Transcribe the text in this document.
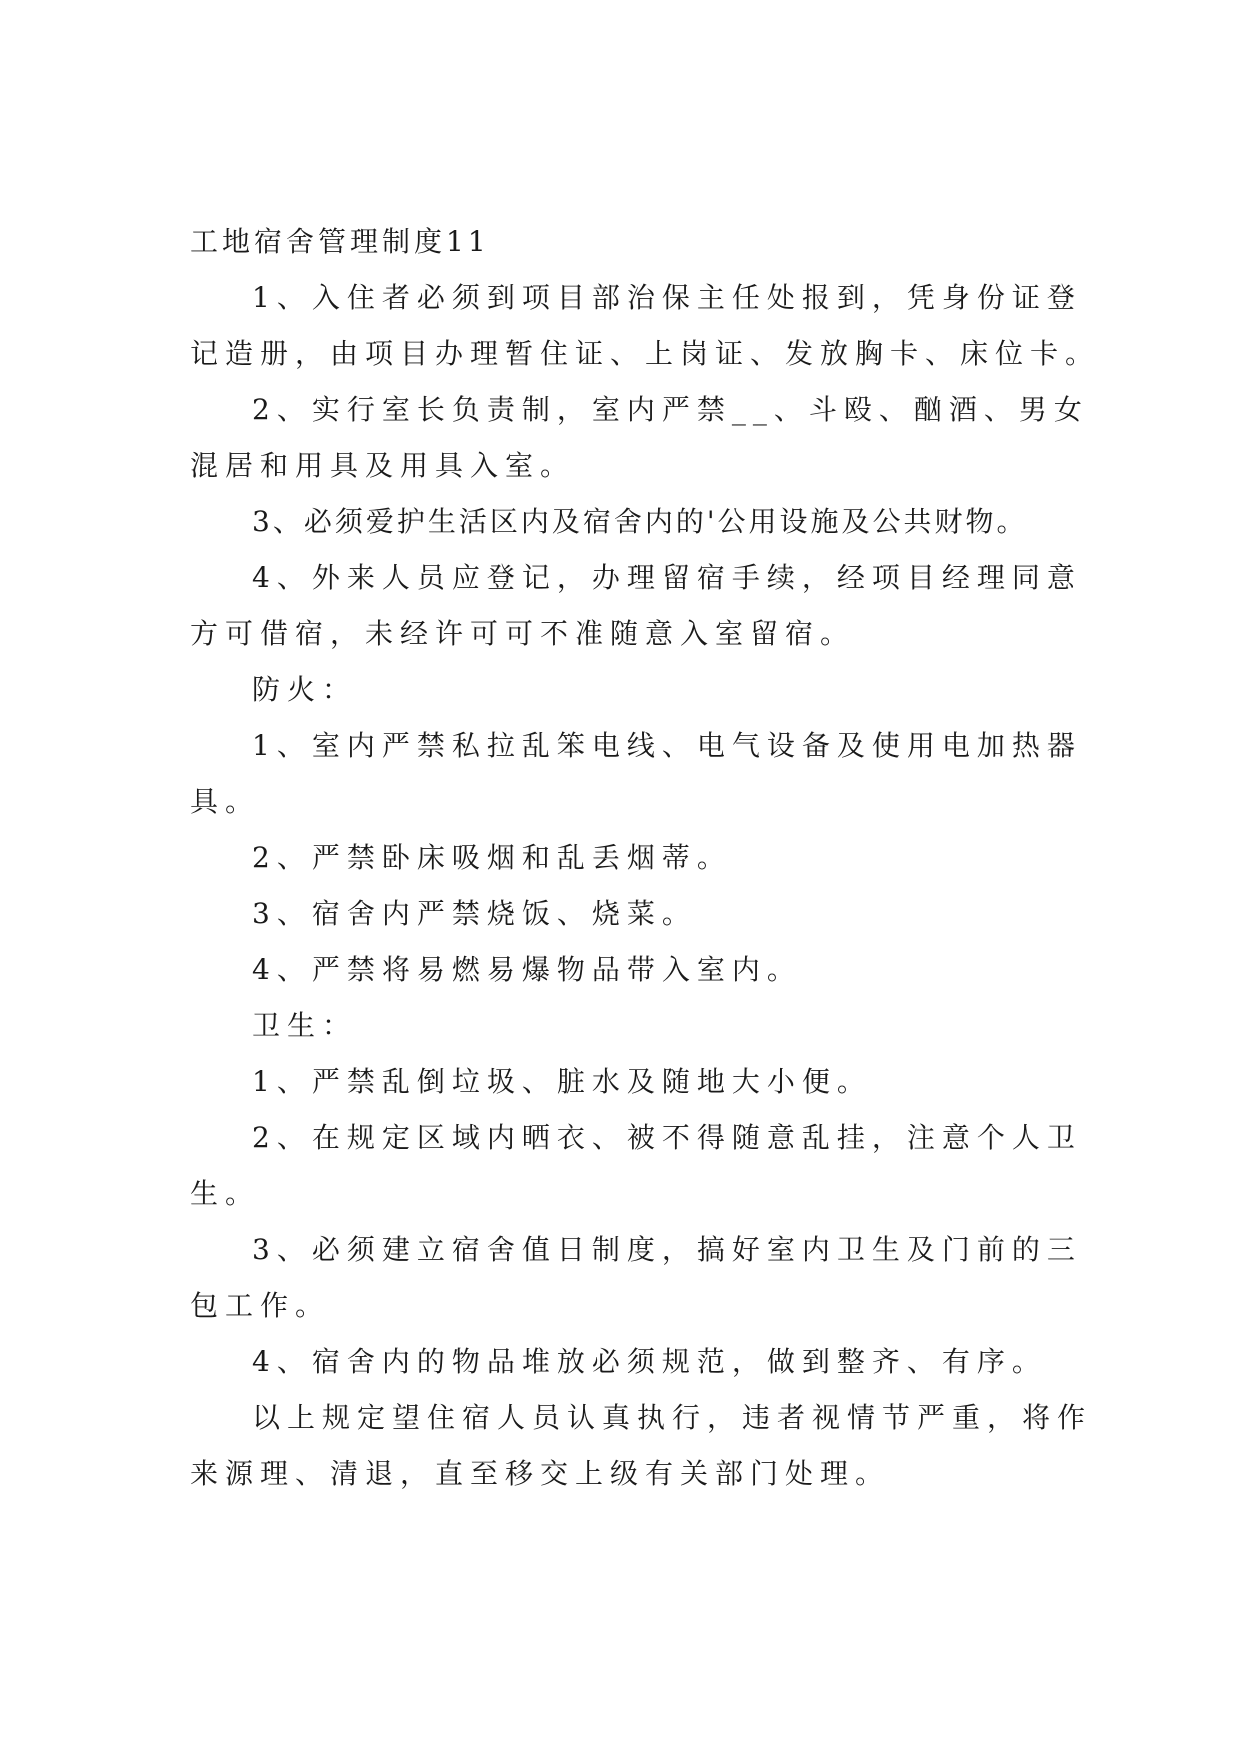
工地宿舍管理制度11
1、入住者必须到项目部治保主任处报到，凭身份证登
记造册，由项目办理暂住证、上岗证、发放胸卡、床位卡。
2、实行室长负责制，室内严禁__、斗殴、酗酒、男女
混居和用具及用具入室。
3、必须爱护生活区内及宿舍内的'公用设施及公共财物。
4、外来人员应登记，办理留宿手续，经项目经理同意
方可借宿，未经许可可不准随意入室留宿。
防火：
1、室内严禁私拉乱笨电线、电气设备及使用电加热器
具。
2、严禁卧床吸烟和乱丢烟蒂。
3、宿舍内严禁烧饭、烧菜。
4、严禁将易燃易爆物品带入室内。
卫生：
1、严禁乱倒垃圾、脏水及随地大小便。
2、在规定区域内晒衣、被不得随意乱挂，注意个人卫
生。
3、必须建立宿舍值日制度，搞好室内卫生及门前的三
包工作。
4、宿舍内的物品堆放必须规范，做到整齐、有序。
以上规定望住宿人员认真执行，违者视情节严重，将作
来源理、清退，直至移交上级有关部门处理。
